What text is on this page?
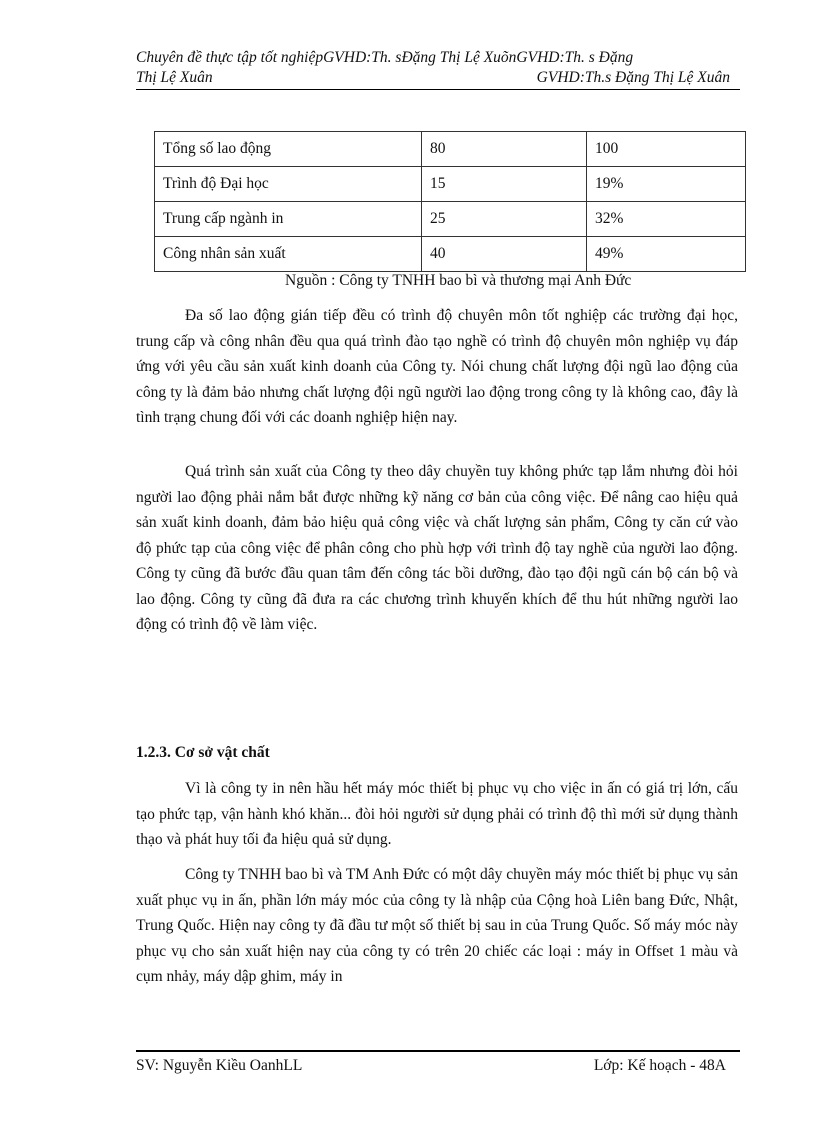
Chuyên đề thực tập tốt nghiệpGVHD:Th. sĐặng Thị Lệ XuõnGVHD:Th. s Đặng
Thị Lệ Xuân	GVHD:Th.s Đặng Thị Lệ Xuân
Tổng số lao động	80	100
Trình độ Đại học	15	19%
Trung cấp ngành in	25	32%
Công nhân sản xuất	40	49%
Nguồn : Công ty TNHH bao bì và thương mại Anh Đức

Đa số lao động gián tiếp đều có trình độ chuyên môn tốt nghiệp các trường đại học, trung cấp và công nhân đều qua quá trình đào tạo nghề có trình độ chuyên môn nghiệp vụ đáp ứng với yêu cầu sản xuất kinh doanh của Công ty. Nói chung chất lượng đội ngũ lao động của công ty là đảm bảo nhưng chất lượng đội ngũ người lao động trong công ty là không cao, đây là tình trạng chung đối với các doanh nghiệp hiện nay.

Quá trình sản xuất của Công ty theo dây chuyền tuy không phức tạp lắm nhưng đòi hỏi người lao động phải nắm bắt được những kỹ năng cơ bản của công việc. Để nâng cao hiệu quả sản xuất kinh doanh, đảm bảo hiệu quả công việc và chất lượng sản phẩm, Công ty căn cứ vào độ phức tạp của công việc để phân công cho phù hợp với trình độ tay nghề của người lao động. Công ty cũng đã bước đầu quan tâm đến công tác bồi dưỡng, đào tạo đội ngũ cán bộ cán bộ và lao động. Công ty cũng đã đưa ra các chương trình khuyến khích để thu hút những người lao động có trình độ về làm việc.

1.2.3. Cơ sở vật chất

Vì là công ty in nên hầu hết máy móc thiết bị phục vụ cho việc in ấn có giá trị lớn, cấu tạo phức tạp, vận hành khó khăn... đòi hỏi người sử dụng phải có trình độ thì mới sử dụng thành thạo và phát huy tối đa hiệu quả sử dụng.

Công ty TNHH bao bì và TM Anh Đức có một dây chuyền máy móc thiết bị phục vụ sản xuất phục vụ in ấn, phần lớn máy móc của công ty là nhập của Cộng hoà Liên bang Đức, Nhật, Trung Quốc. Hiện nay công ty đã đầu tư một số thiết bị sau in của Trung Quốc. Số máy móc này phục vụ cho sản xuất hiện nay của công ty có trên 20 chiếc các loại : máy in Offset 1 màu và cụm nhảy, máy dập ghim, máy in

SV: Nguyễn Kiều OanhLL	Lớp: Kế hoạch - 48A
